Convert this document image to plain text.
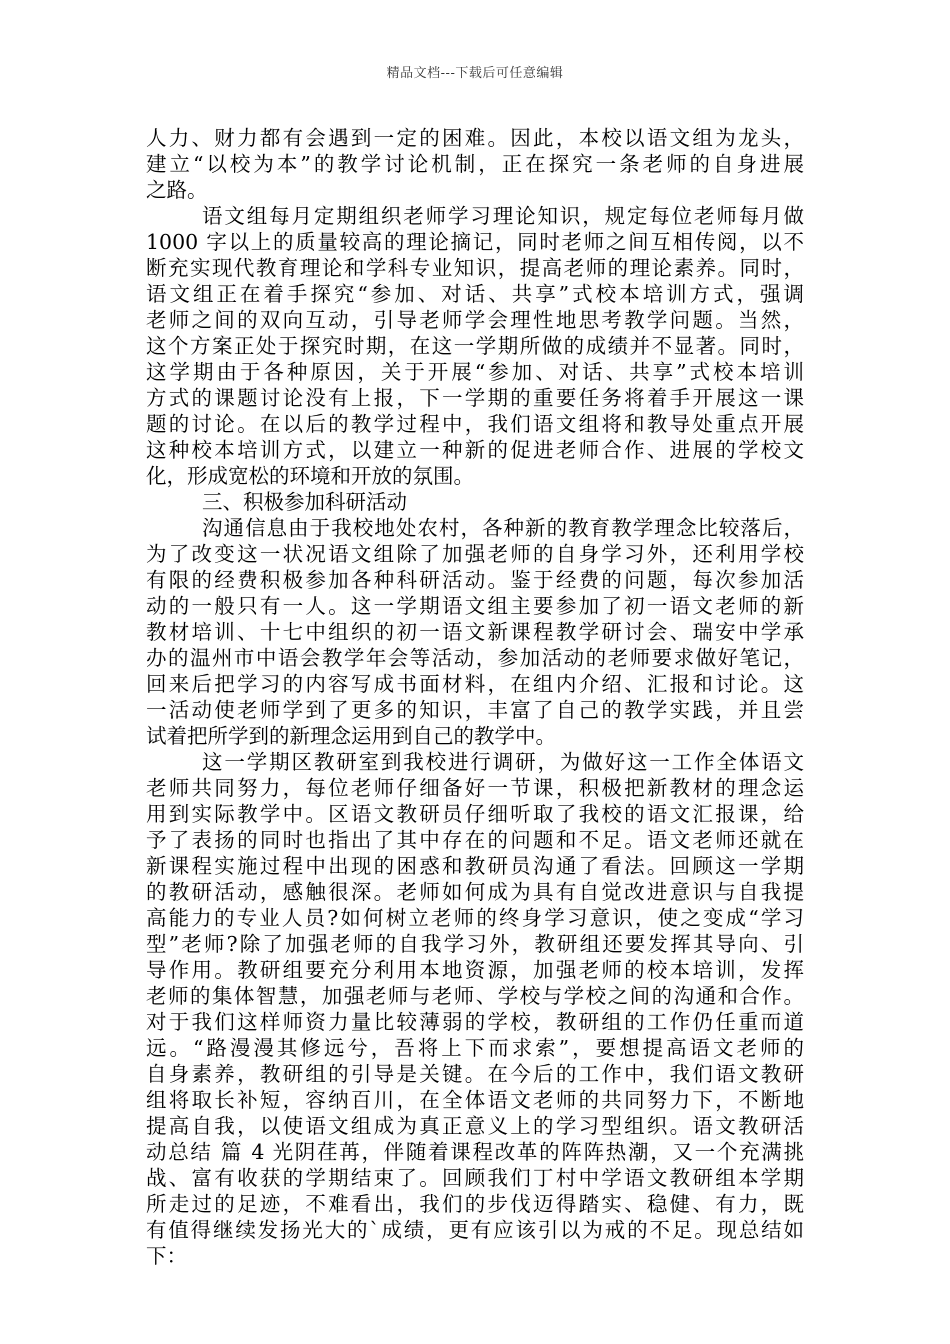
精品文档---下载后可任意编辑
人力、财力都有会遇到一定的困难。因此，本校以语文组为龙头，
建立“以校为本”的教学讨论机制，正在探究一条老师的自身进展
之路。
语文组每月定期组织老师学习理论知识，规定每位老师每月做
1000 字以上的质量较高的理论摘记，同时老师之间互相传阅，以不
断充实现代教育理论和学科专业知识，提高老师的理论素养。同时，
语文组正在着手探究“参加、对话、共享”式校本培训方式，强调
老师之间的双向互动，引导老师学会理性地思考教学问题。当然，
这个方案正处于探究时期，在这一学期所做的成绩并不显著。同时，
这学期由于各种原因，关于开展“参加、对话、共享”式校本培训
方式的课题讨论没有上报，下一学期的重要任务将着手开展这一课
题的讨论。在以后的教学过程中，我们语文组将和教导处重点开展
这种校本培训方式，以建立一种新的促进老师合作、进展的学校文
化，形成宽松的环境和开放的氛围。
三、积极参加科研活动
沟通信息由于我校地处农村，各种新的教育教学理念比较落后，
为了改变这一状况语文组除了加强老师的自身学习外，还利用学校
有限的经费积极参加各种科研活动。鉴于经费的问题，每次参加活
动的一般只有一人。这一学期语文组主要参加了初一语文老师的新
教材培训、十七中组织的初一语文新课程教学研讨会、瑞安中学承
办的温州市中语会教学年会等活动，参加活动的老师要求做好笔记，
回来后把学习的内容写成书面材料，在组内介绍、汇报和讨论。这
一活动使老师学到了更多的知识，丰富了自己的教学实践，并且尝
试着把所学到的新理念运用到自己的教学中。
这一学期区教研室到我校进行调研，为做好这一工作全体语文
老师共同努力，每位老师仔细备好一节课，积极把新教材的理念运
用到实际教学中。区语文教研员仔细听取了我校的语文汇报课，给
予了表扬的同时也指出了其中存在的问题和不足。语文老师还就在
新课程实施过程中出现的困惑和教研员沟通了看法。回顾这一学期
的教研活动，感触很深。老师如何成为具有自觉改进意识与自我提
高能力的专业人员?如何树立老师的终身学习意识，使之变成“学习
型”老师?除了加强老师的自我学习外，教研组还要发挥其导向、引
导作用。教研组要充分利用本地资源，加强老师的校本培训，发挥
老师的集体智慧，加强老师与老师、学校与学校之间的沟通和合作。
对于我们这样师资力量比较薄弱的学校，教研组的工作仍任重而道
远。“路漫漫其修远兮，吾将上下而求索”，要想提高语文老师的
自身素养，教研组的引导是关键。在今后的工作中，我们语文教研
组将取长补短，容纳百川，在全体语文老师的共同努力下，不断地
提高自我，以使语文组成为真正意义上的学习型组织。语文教研活
动总结 篇 4 光阴荏苒，伴随着课程改革的阵阵热潮，又一个充满挑
战、富有收获的学期结束了。回顾我们丁村中学语文教研组本学期
所走过的足迹，不难看出，我们的步伐迈得踏实、稳健、有力，既
有值得继续发扬光大的`成绩，更有应该引以为戒的不足。现总结如
下：
